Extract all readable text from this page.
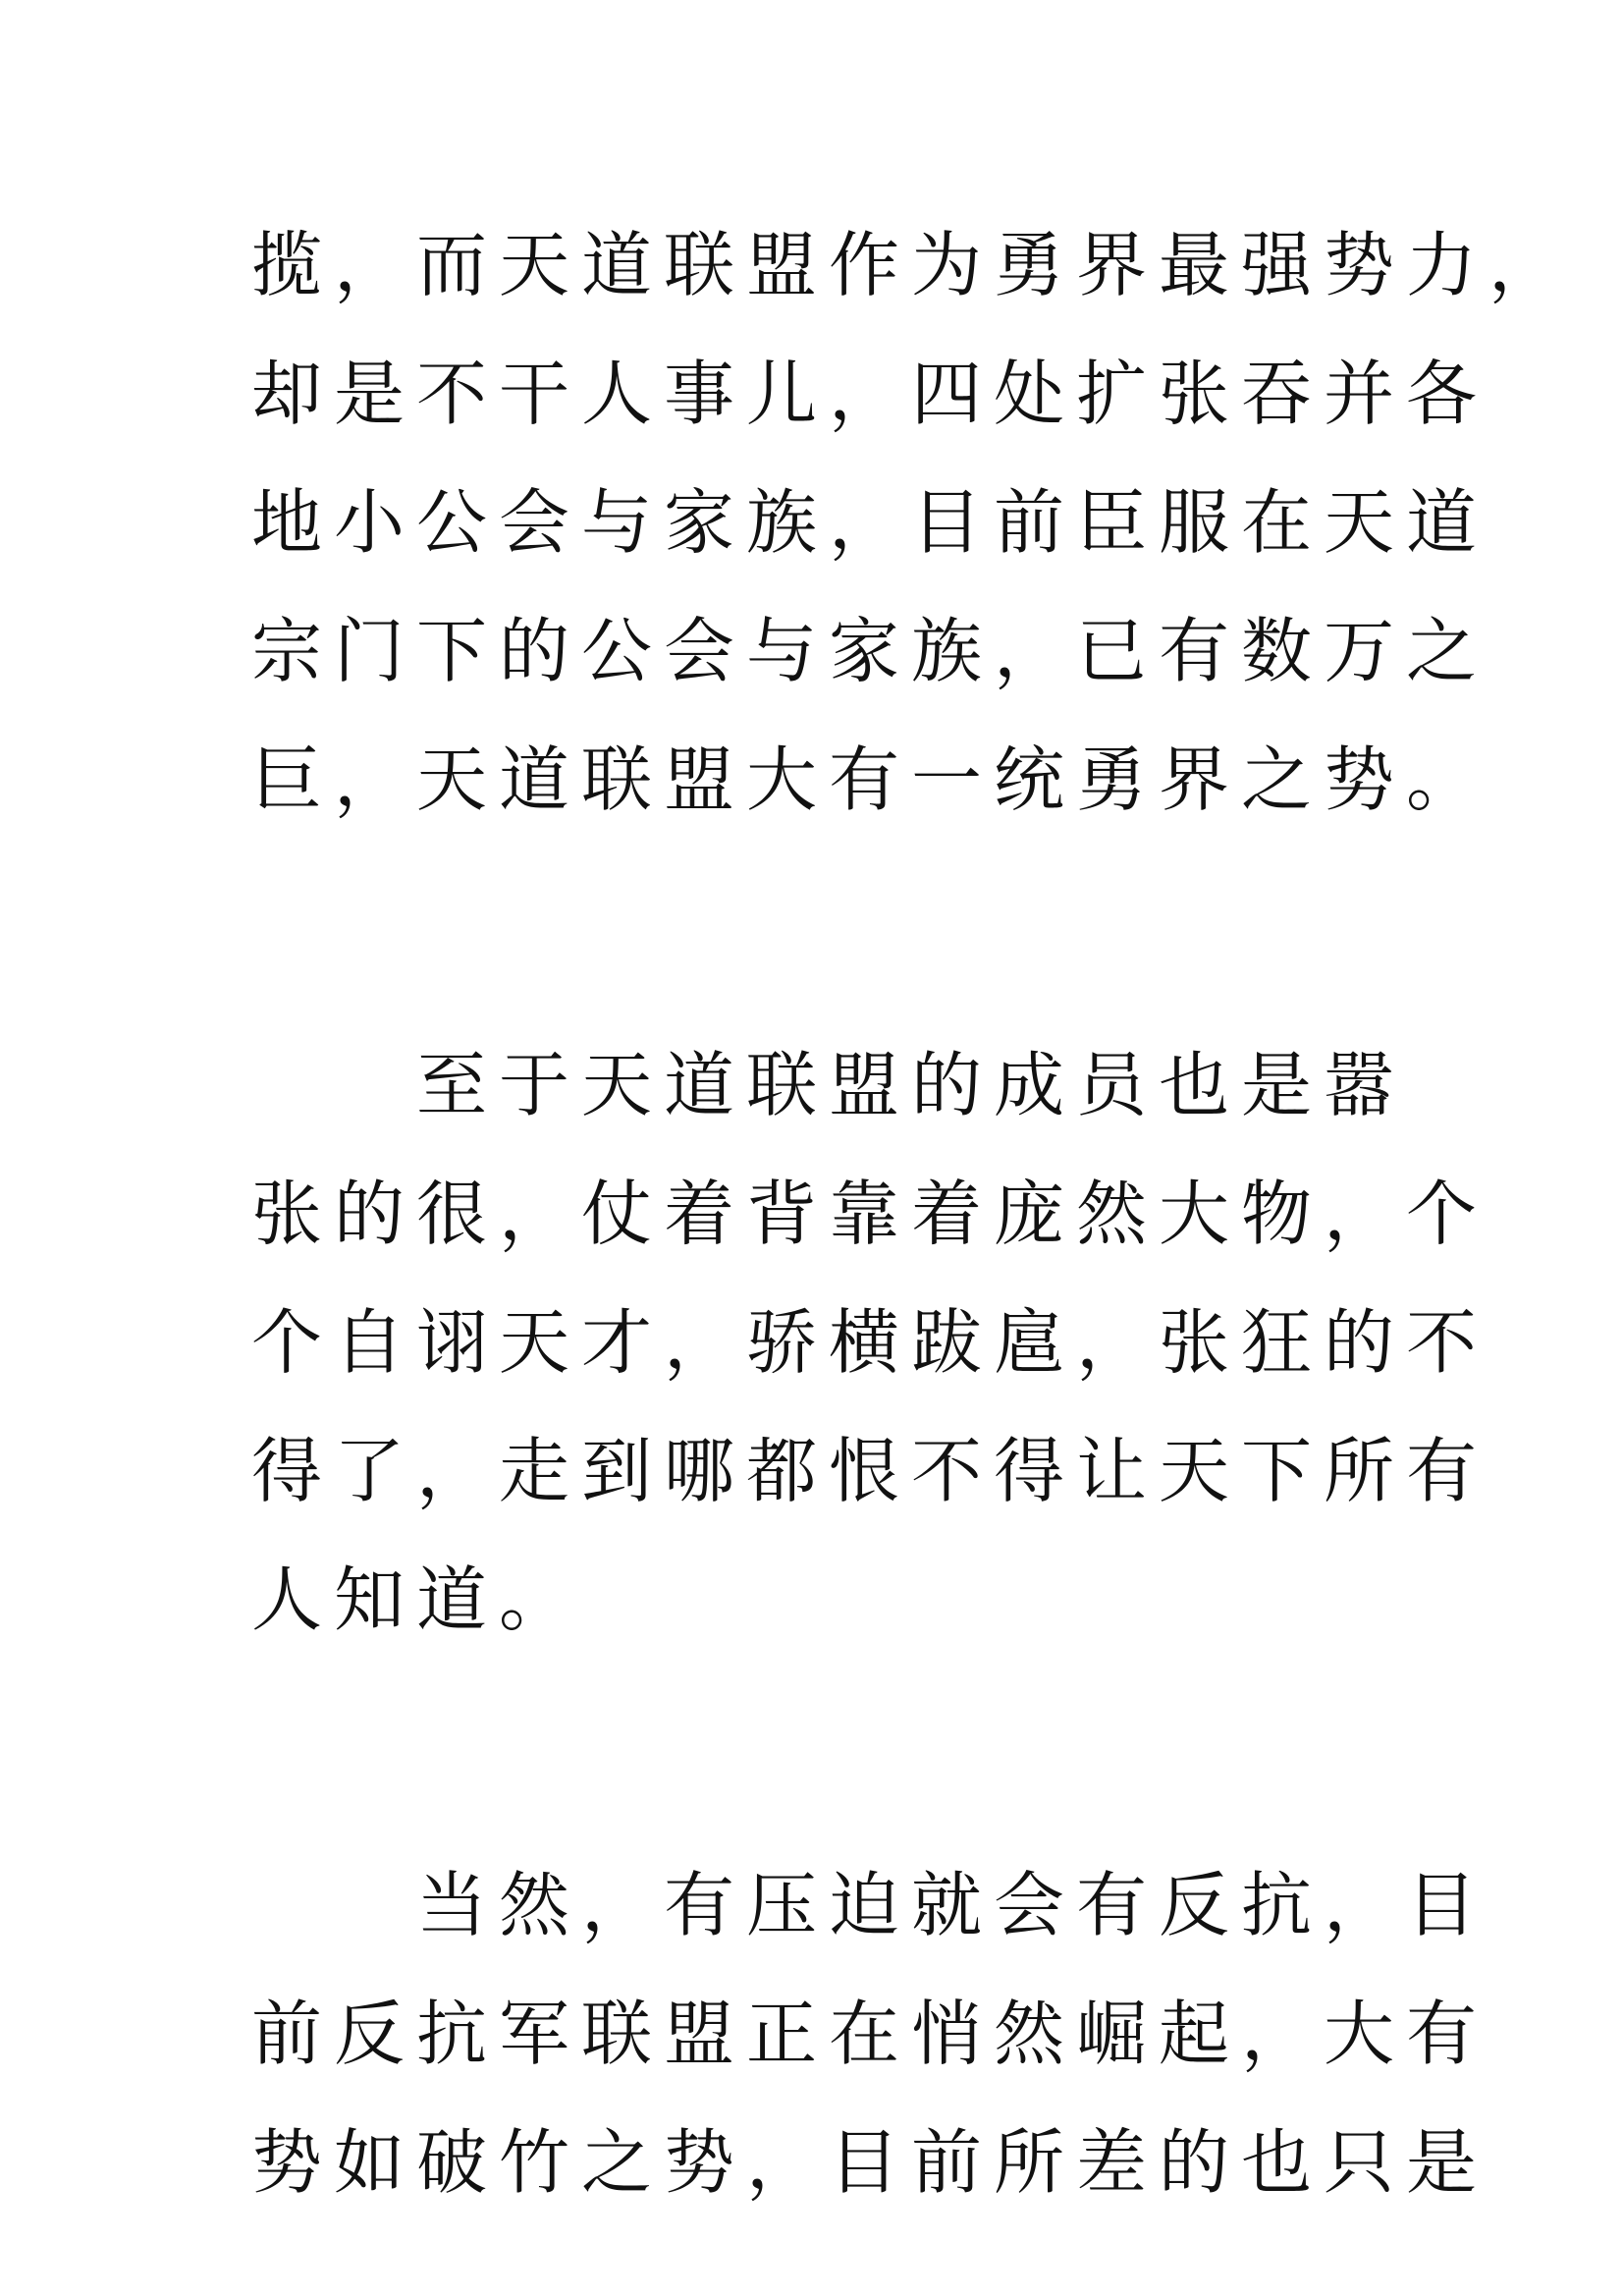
揽，而天道联盟作为勇界最强势力，
却是不干人事儿，四处扩张吞并各
地小公会与家族，目前臣服在天道
宗门下的公会与家族，已有数万之
巨，天道联盟大有一统勇界之势。
　　至于天道联盟的成员也是嚣
张的很，仗着背靠着庞然大物，个
个自诩天才，骄横跋扈，张狂的不
得了，走到哪都恨不得让天下所有
人知道。
　　当然，有压迫就会有反抗，目
前反抗军联盟正在悄然崛起，大有
势如破竹之势，目前所差的也只是
